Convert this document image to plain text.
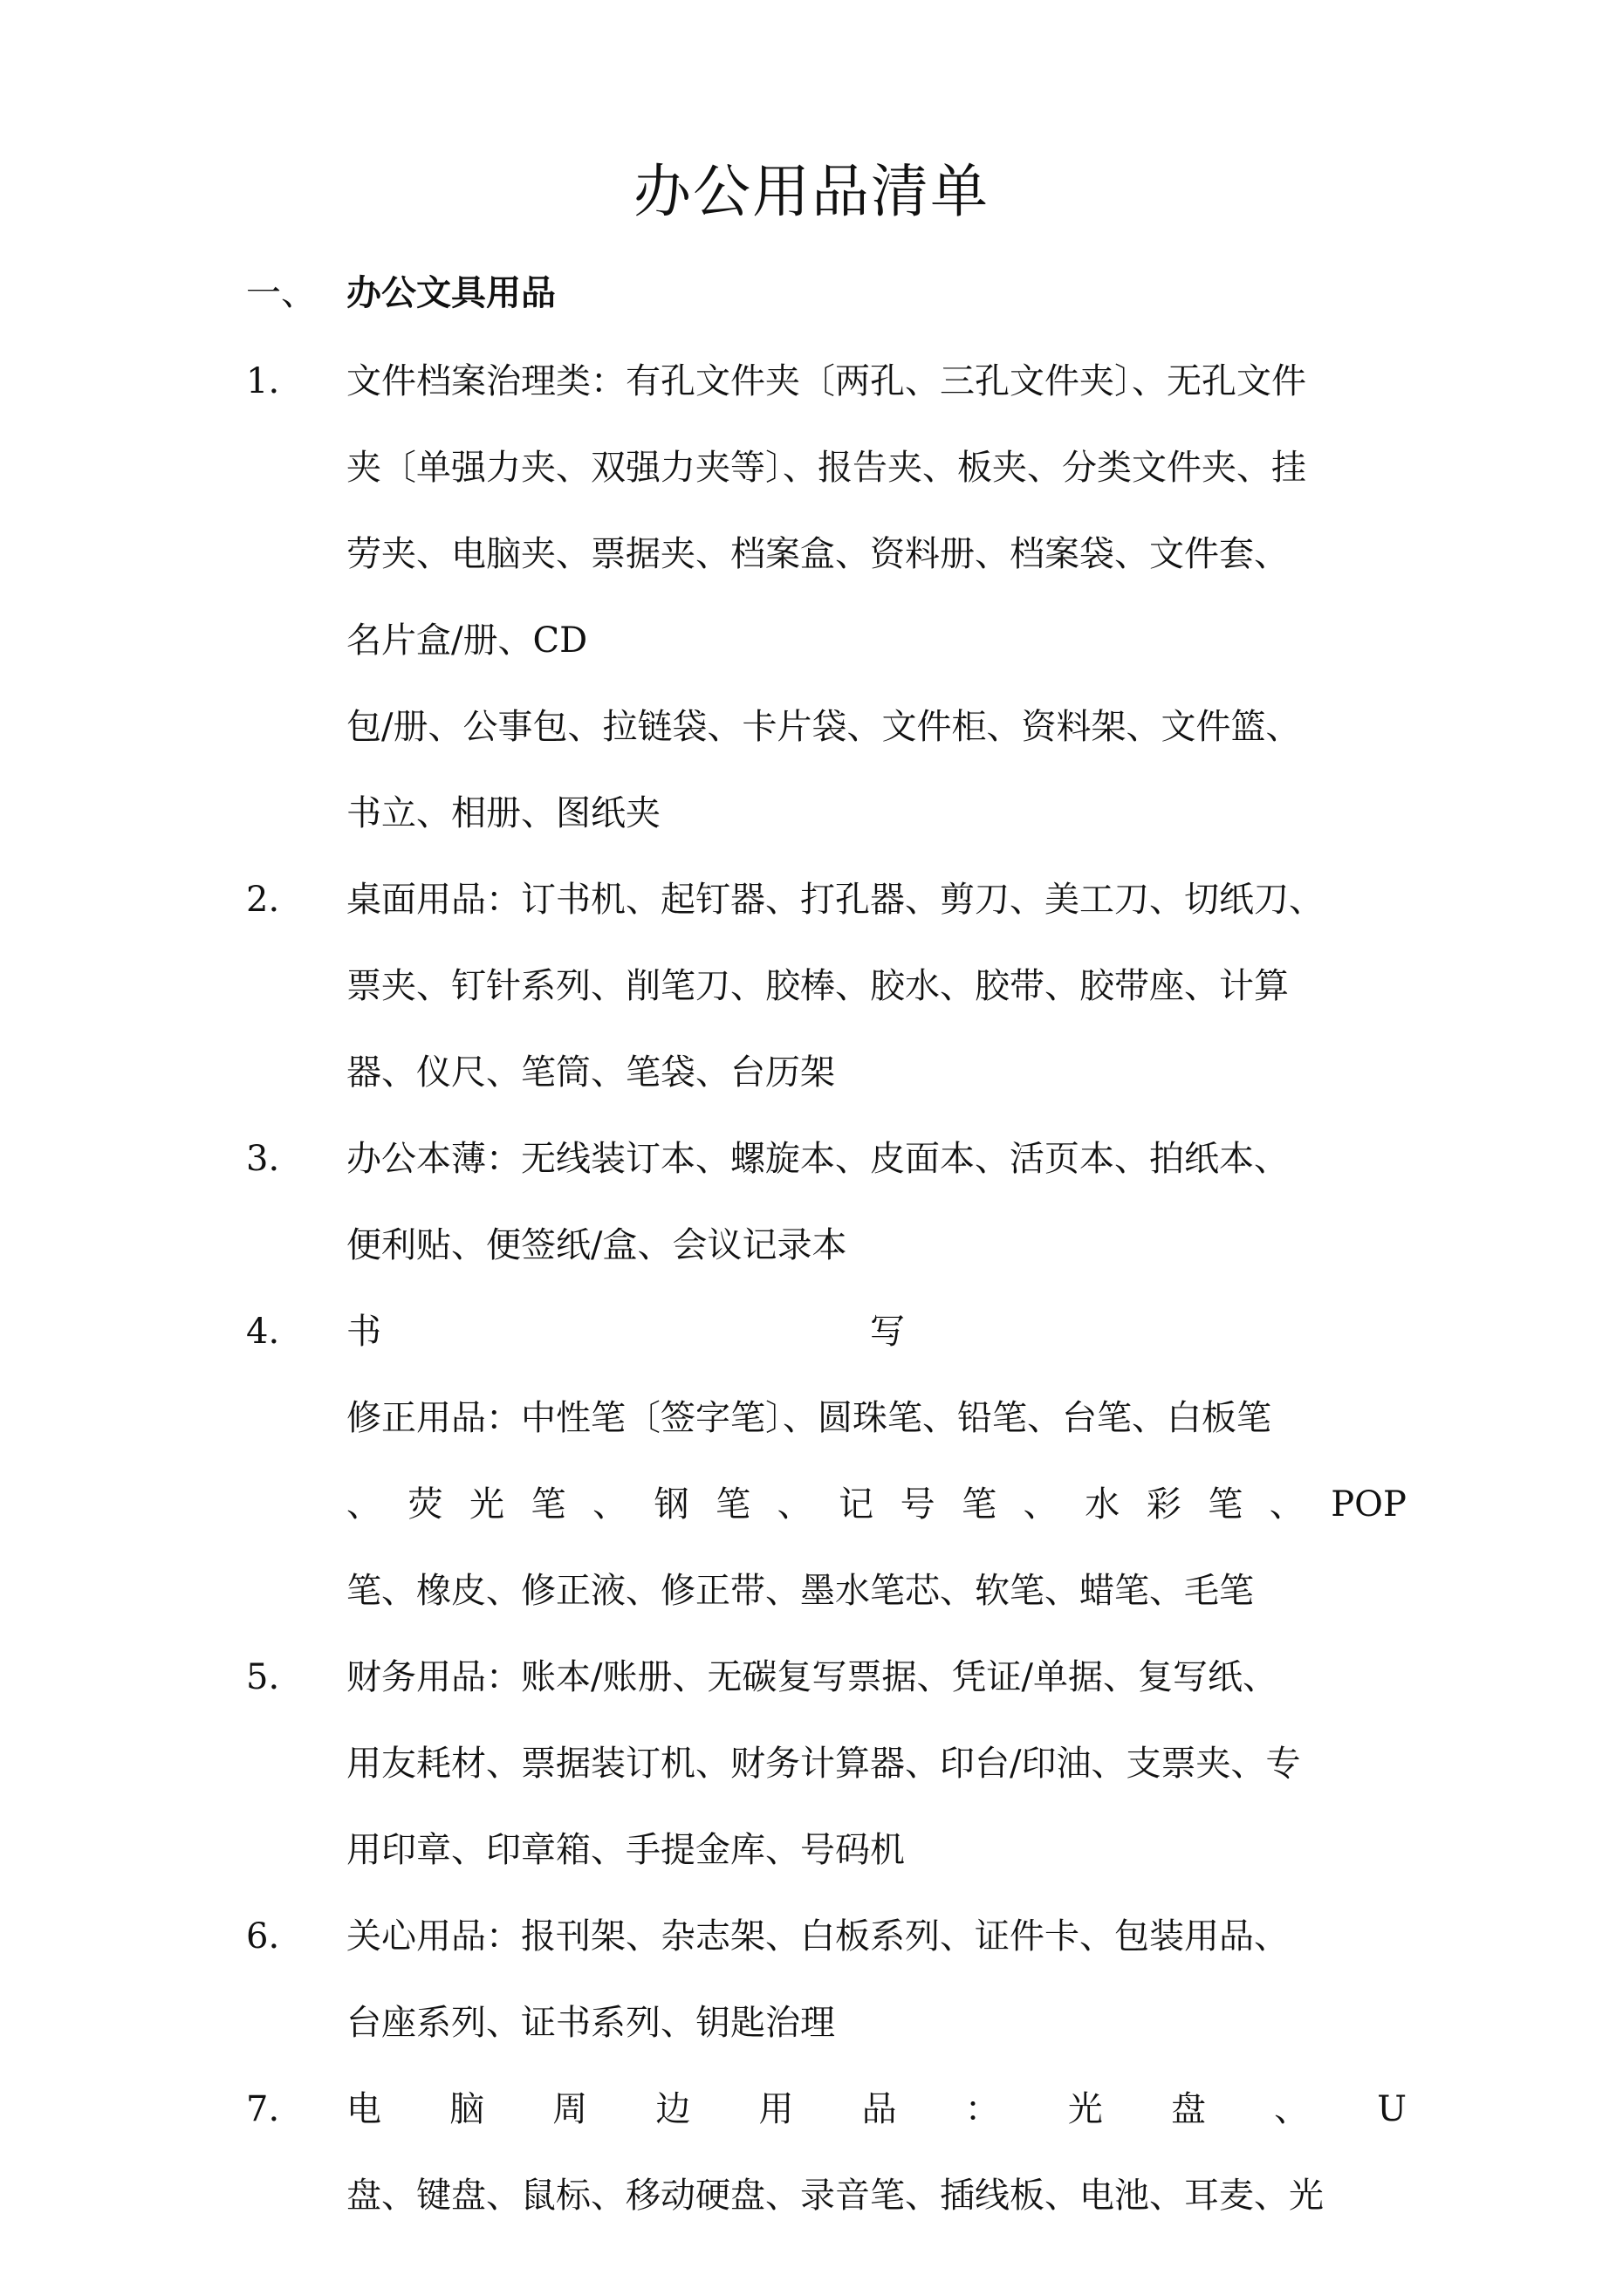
办公用品清单
一、 办公文具用品
1. 文件档案治理类：有孔文件夹〔两孔、三孔文件夹〕、无孔文件
夹〔单强力夹、双强力夹等〕、报告夹、板夹、分类文件夹、挂
劳夹、电脑夹、票据夹、档案盒、资料册、档案袋、文件套、
名片盒/册、CD
包/册、公事包、拉链袋、卡片袋、文件柜、资料架、文件篮、
书立、相册、图纸夹
2. 桌面用品：订书机、起钉器、打孔器、剪刀、美工刀、切纸刀、
票夹、钉针系列、削笔刀、胶棒、胶水、胶带、胶带座、计算
器、仪尺、笔筒、笔袋、台历架
3. 办公本薄：无线装订本、螺旋本、皮面本、活页本、拍纸本、
便利贴、便签纸/盒、会议记录本
4. 书	写
修正用品：中性笔〔签字笔〕、圆珠笔、铅笔、台笔、白板笔
、 荧 光 笔 、 钢 笔 、 记 号 笔 、 水 彩 笔 、 POP
笔、橡皮、修正液、修正带、墨水笔芯、软笔、蜡笔、毛笔
5. 财务用品：账本/账册、无碳复写票据、凭证/单据、复写纸、
用友耗材、票据装订机、财务计算器、印台/印油、支票夹、专
用印章、印章箱、手提金库、号码机
6. 关心用品：报刊架、杂志架、白板系列、证件卡、包装用品、
台座系列、证书系列、钥匙治理
7. 电 脑 周 边 用 品 ： 光 盘 、 U
盘、键盘、鼠标、移动硬盘、录音笔、插线板、电池、耳麦、光
